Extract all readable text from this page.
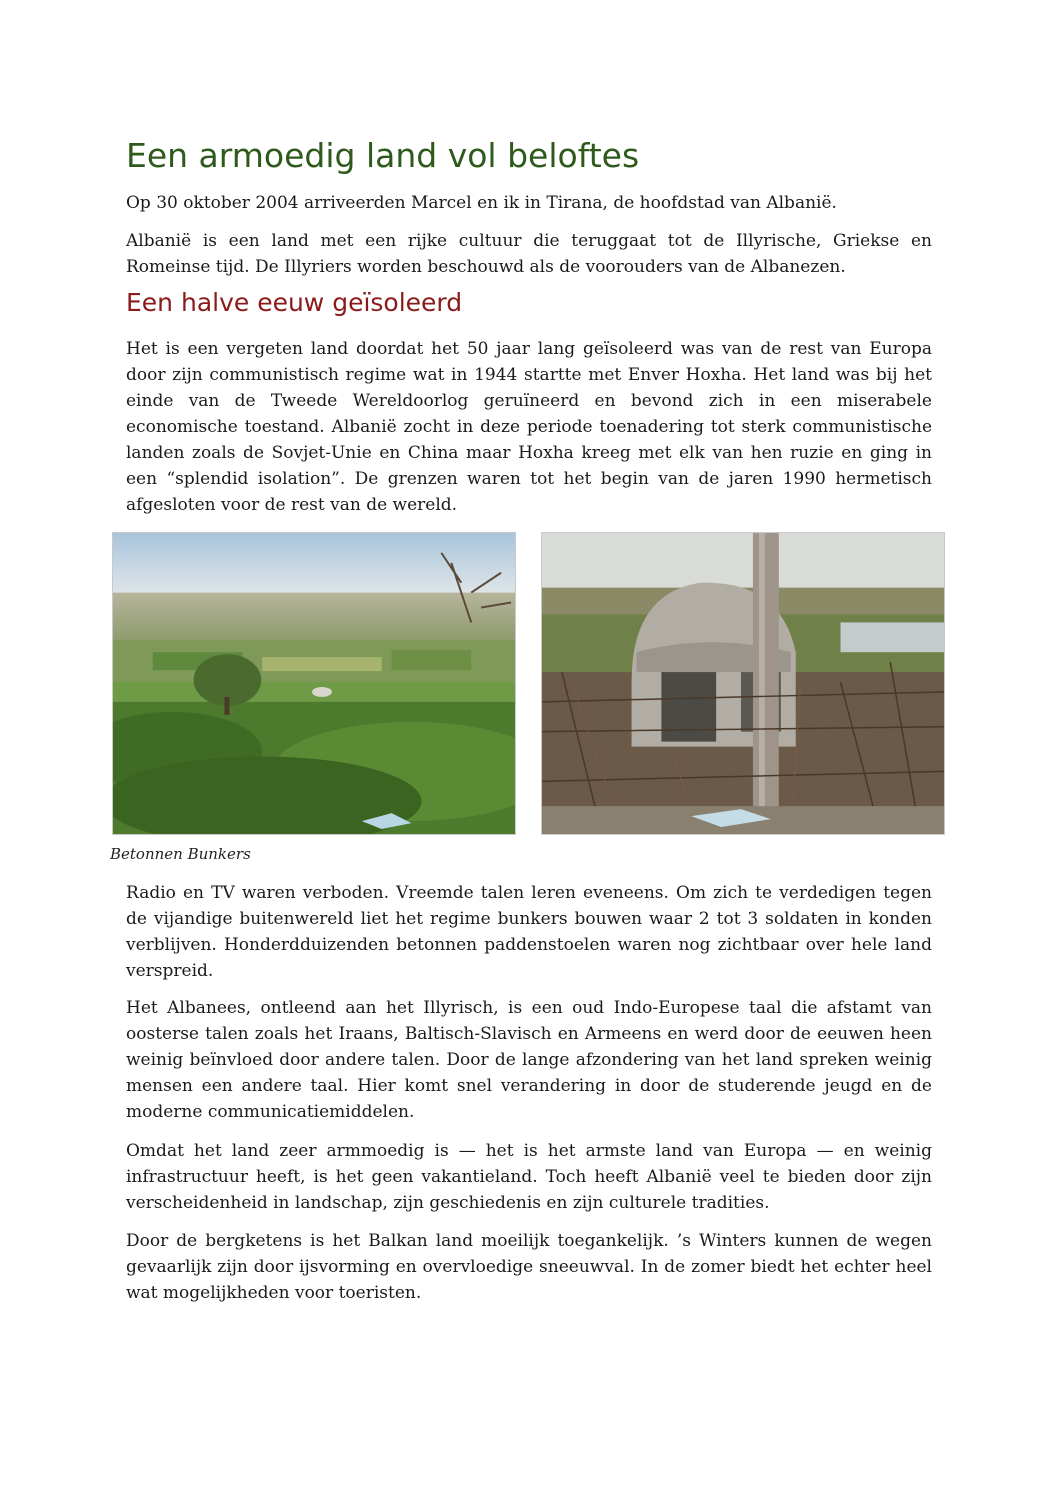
Een armoedig land vol beloftes

Op 30 oktober 2004 arriveerden Marcel en ik in Tirana, de hoofdstad van Albanië.

Albanië is een land met een rijke cultuur die teruggaat tot de Illyrische, Griekse en Romeinse tijd. De Illyriers worden beschouwd als de voorouders van de Albanezen.

Een halve eeuw geïsoleerd

Het is een vergeten land doordat het 50 jaar lang geïsoleerd was van de rest van Europa door zijn communistisch regime wat in 1944 startte met Enver Hoxha. Het land was bij het einde van de Tweede Wereldoorlog geruïneerd en bevond zich in een miserabele economische toestand. Albanië zocht in deze periode toenadering tot sterk communistische landen zoals de Sovjet-Unie en China maar Hoxha kreeg met elk van hen ruzie en ging in een “splendid isolation”. De grenzen waren tot het begin van de jaren 1990 hermetisch afgesloten voor de rest van de wereld.

Betonnen Bunkers

Radio en TV waren verboden. Vreemde talen leren eveneens. Om zich te verdedigen tegen de vijandige buitenwereld liet het regime bunkers bouwen waar 2 tot 3 soldaten in konden verblijven. Honderdduizenden betonnen paddenstoelen waren nog zichtbaar over hele land verspreid.

Het Albanees, ontleend aan het Illyrisch, is een oud Indo-Europese taal die afstamt van oosterse talen zoals het Iraans, Baltisch-Slavisch en Armeens en werd door de eeuwen heen weinig beïnvloed door andere talen. Door de lange afzondering van het land spreken weinig mensen een andere taal. Hier komt snel verandering in door de studerende jeugd en de moderne communicatiemiddelen.

Omdat het land zeer armmoedig is — het is het armste land van Europa — en weinig infrastructuur heeft, is het geen vakantieland. Toch heeft Albanië veel te bieden door zijn verscheidenheid in landschap, zijn geschiedenis en zijn culturele tradities.

Door de bergketens is het Balkan land moeilijk toegankelijk. ’s Winters kunnen de wegen gevaarlijk zijn door ijsvorming en overvloedige sneeuwval. In de zomer biedt het echter heel wat mogelijkheden voor toeristen.
